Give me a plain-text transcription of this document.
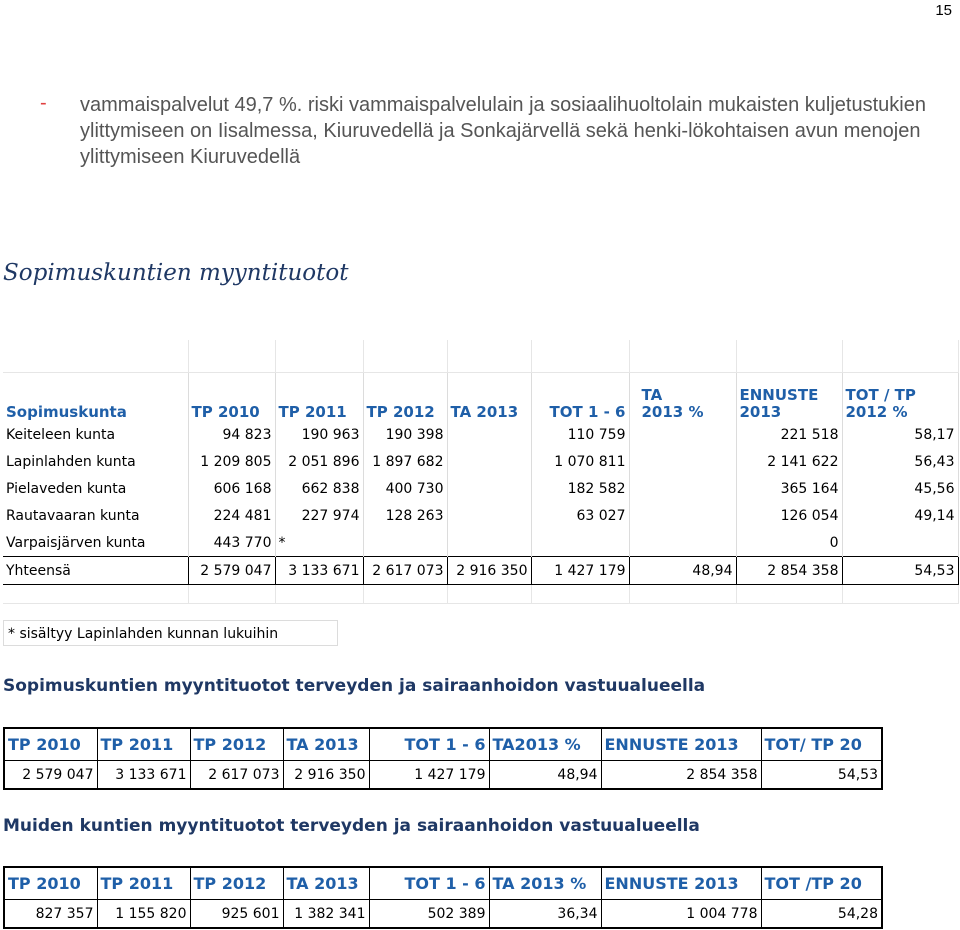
15
- vammaispalvelut 49,7 %. riski vammaispalvelulain ja sosiaalihuoltolain mukaisten kuljetustukien ylittymiseen on Iisalmessa, Kiuruvedellä ja Sonkajärvellä sekä henki-lökohtaisen avun menojen ylittymiseen Kiuruvedellä
Sopimuskuntien myyntituotot

Sopimuskunta	TP 2010	TP 2011	TP 2012	TA 2013	TOT 1 - 6	TA 2013 %	ENNUSTE 2013	TOT / TP 2012 %
Keiteleen kunta	94 823	190 963	190 398		110 759		221 518	58,17
Lapinlahden kunta	1 209 805	2 051 896	1 897 682		1 070 811		2 141 622	56,43
Pielaveden kunta	606 168	662 838	400 730		182 582		365 164	45,56
Rautavaaran kunta	224 481	227 974	128 263		63 027		126 054	49,14
Varpaisjärven kunta	443 770	*					0	
Yhteensä	2 579 047	3 133 671	2 617 073	2 916 350	1 427 179	48,94	2 854 358	54,53

* sisältyy Lapinlahden kunnan lukuihin
Sopimuskuntien myyntituotot terveyden ja sairaanhoidon vastuualueella
TP 2010	TP 2011	TP 2012	TA 2013	TOT 1 - 6	TA2013 %	ENNUSTE 2013	TOT/ TP 20
2 579 047	3 133 671	2 617 073	2 916 350	1 427 179	48,94	2 854 358	54,53
Muiden kuntien myyntituotot terveyden ja sairaanhoidon vastuualueella
TP 2010	TP 2011	TP 2012	TA 2013	TOT 1 - 6	TA 2013 %	ENNUSTE 2013	TOT /TP 20
827 357	1 155 820	925 601	1 382 341	502 389	36,34	1 004 778	54,28
